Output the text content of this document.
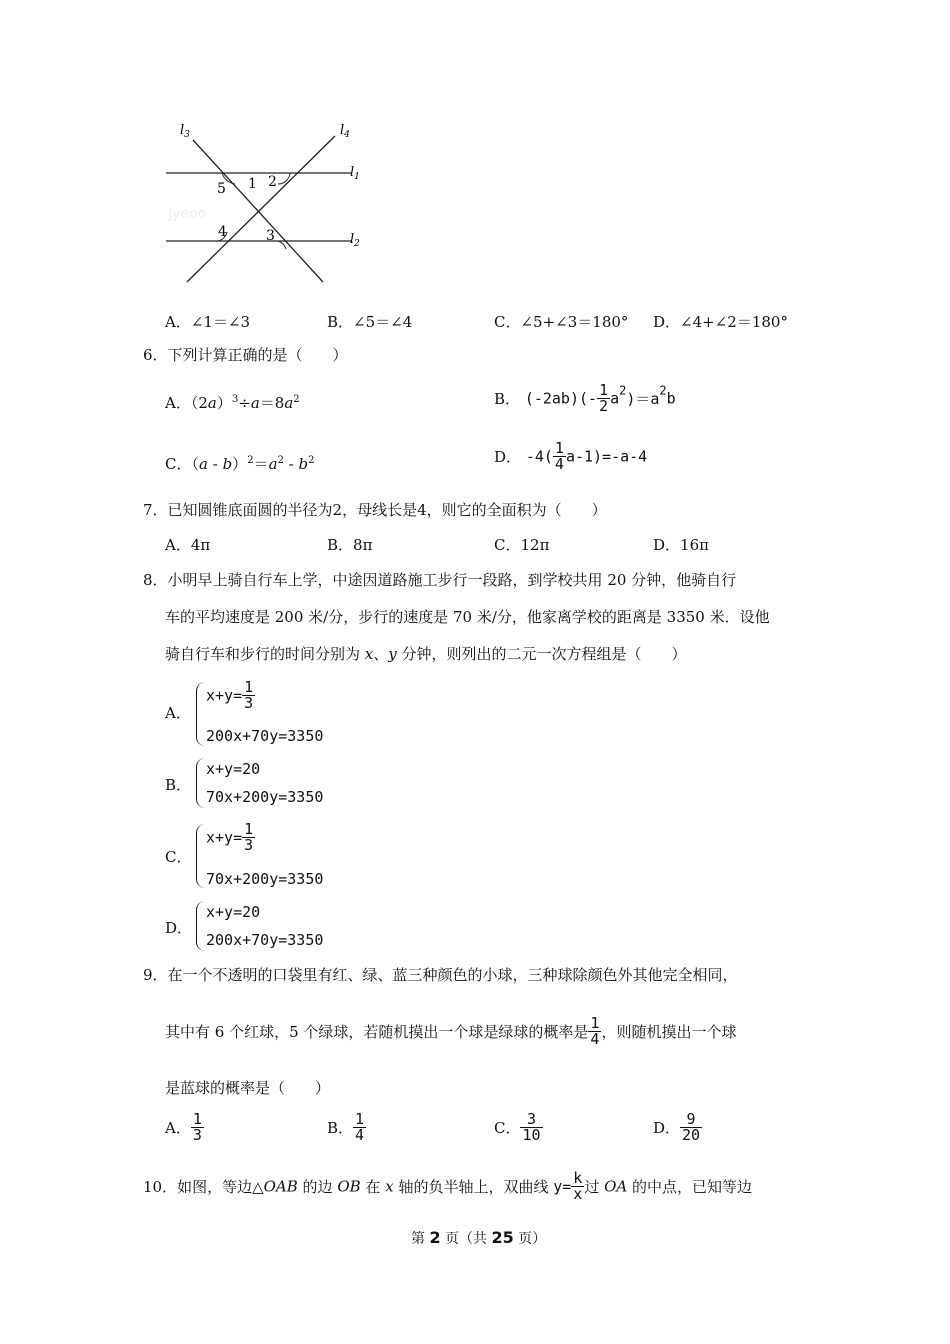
$l_3$	$l_4$
$l_1$
$l_2$
5 1 2
4	3
Jyeoo
A．∠1＝∠3	B．∠5＝∠4	C．∠5+∠3＝180° D．∠4+∠2＝180°
6．下列计算正确的是（　　）
A．$(2a)^3\div a=8a^2$	B． $(-2ab)(- \frac{1}{2} a^2)=a^2b$
C．$(a - b)^2=a^2 - b^2$	D． $-4( \frac{1}{4} a-1)=-a-4$
7．已知圆锥底面圆的半径为2，母线长是4，则它的全面积为（　　）
A．4π	B．8π	C．12π	D．16π
8．小明早上骑自行车上学，中途因道路施工步行一段路，到学校共用 20 分钟，他骑自行
车的平均速度是 200 米/分，步行的速度是 70 米/分，他家离学校的距离是 3350 米．设他
骑自行车和步行的时间分别为 x、y 分钟，则列出的二元一次方程组是（　　）
A．
$x+y= \frac{1}{3}$
200x+70y=3350
B．
x+y=20
70x+200y=3350
C．
$x+y= \frac{1}{3}$
70x+200y=3350
D．
x+y=20
200x+70y=3350
9．在一个不透明的口袋里有红、绿、蓝三种颜色的小球，三种球除颜色外其他完全相同，
其中有 6 个红球，5 个绿球，若随机摸出一个球是绿球的概率是 $\frac{1}{4}$ ，则随机摸出一个球
是蓝球的概率是（　　）
A． $\frac{1}{3}$	B． $\frac{1}{4}$	C． $\frac{3}{10}$	D． $\frac{9}{20}$
10．如图，等边△OAB 的边 OB 在 x 轴的负半轴上，双曲线 $y= \frac{k}{x}$ 过 OA 的中点，已知等边
第 2 页（共 25 页）
